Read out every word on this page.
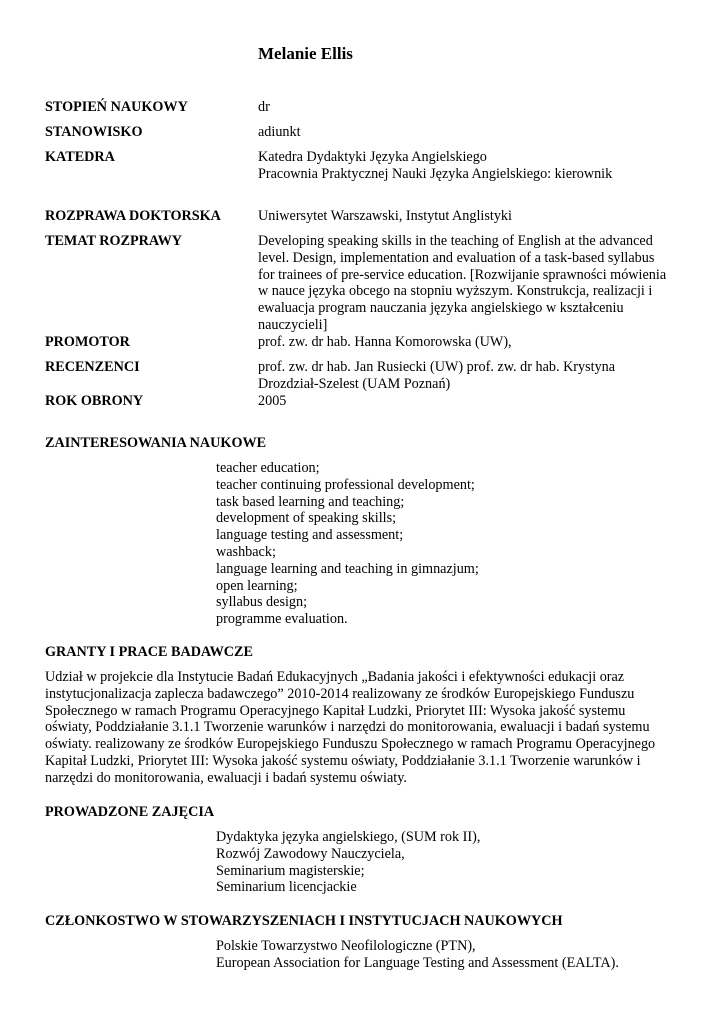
Melanie Ellis
STOPIEŃ NAUKOWY	dr
STANOWISKO	adiunkt
KATEDRA	Katedra Dydaktyki Języka Angielskiego
Pracownia Praktycznej Nauki Języka Angielskiego: kierownik
ROZPRAWA DOKTORSKA	Uniwersytet Warszawski, Instytut Anglistyki
TEMAT ROZPRAWY	Developing speaking skills in the teaching of English at the advanced
level. Design, implementation and evaluation of a task-based syllabus
for trainees of pre-service education. [Rozwijanie sprawności mówienia
w nauce języka obcego na stopniu wyższym. Konstrukcja, realizacji i
ewaluacja program nauczania języka angielskiego w kształceniu
nauczycieli]
PROMOTOR	prof. zw. dr hab. Hanna Komorowska (UW),
RECENZENCI	prof. zw. dr hab. Jan Rusiecki (UW) prof. zw. dr hab. Krystyna
Drozdział-Szelest (UAM Poznań)
ROK OBRONY	2005
ZAINTERESOWANIA NAUKOWE
teacher education;
teacher continuing professional development;
task based learning and teaching;
development of speaking skills;
language testing and assessment;
washback;
language learning and teaching in gimnazjum;
open learning;
syllabus design;
programme evaluation.
GRANTY I PRACE BADAWCZE
Udział w projekcie dla Instytucie Badań Edukacyjnych „Badania jakości i efektywności edukacji oraz
instytucjonalizacja zaplecza badawczego” 2010-2014 realizowany ze środków Europejskiego Funduszu
Społecznego w ramach Programu Operacyjnego Kapitał Ludzki, Priorytet III: Wysoka jakość systemu
oświaty, Poddziałanie 3.1.1 Tworzenie warunków i narzędzi do monitorowania, ewaluacji i badań systemu
oświaty. realizowany ze środków Europejskiego Funduszu Społecznego w ramach Programu Operacyjnego
Kapitał Ludzki, Priorytet III: Wysoka jakość systemu oświaty, Poddziałanie 3.1.1 Tworzenie warunków i
narzędzi do monitorowania, ewaluacji i badań systemu oświaty.
PROWADZONE ZAJĘCIA
Dydaktyka języka angielskiego, (SUM rok II),
Rozwój Zawodowy Nauczyciela,
Seminarium magisterskie;
Seminarium licencjackie
CZŁONKOSTWO W STOWARZYSZENIACH I INSTYTUCJACH NAUKOWYCH
Polskie Towarzystwo Neofilologiczne (PTN),
European Association for Language Testing and Assessment (EALTA).
